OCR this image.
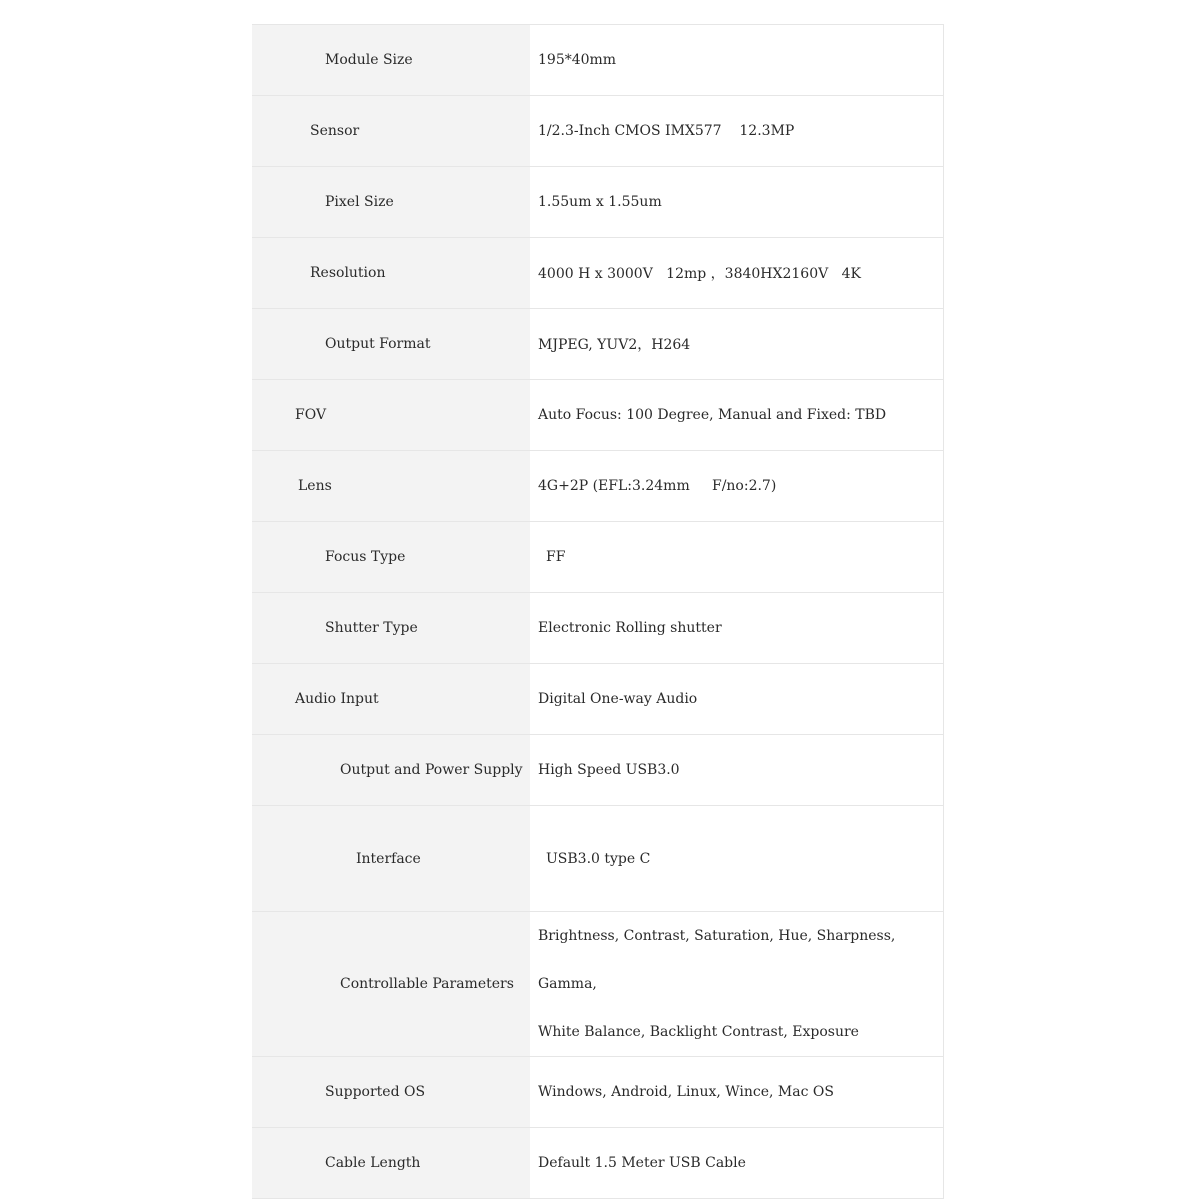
Module Size	195*40mm
Sensor	1/2.3-Inch CMOS IMX577    12.3MP
Pixel Size	1.55um x 1.55um
Resolution	4000 H x 3000V   12mp ，3840HX2160V   4K
Output Format	MJPEG, YUV2，H264
FOV	Auto Focus: 100 Degree, Manual and Fixed: TBD
Lens	4G+2P (EFL:3.24mm     F/no:2.7)
Focus Type	FF
Shutter Type	Electronic Rolling shutter
Audio Input	Digital One-way Audio
Output and Power Supply	High Speed USB3.0
Interface	USB3.0 type C
Controllable Parameters	Brightness, Contrast, Saturation, Hue, Sharpness, Gamma,
White Balance, Backlight Contrast, Exposure

Supported OS	Windows, Android, Linux, Wince, Mac OS
Cable Length	Default 1.5 Meter USB Cable
